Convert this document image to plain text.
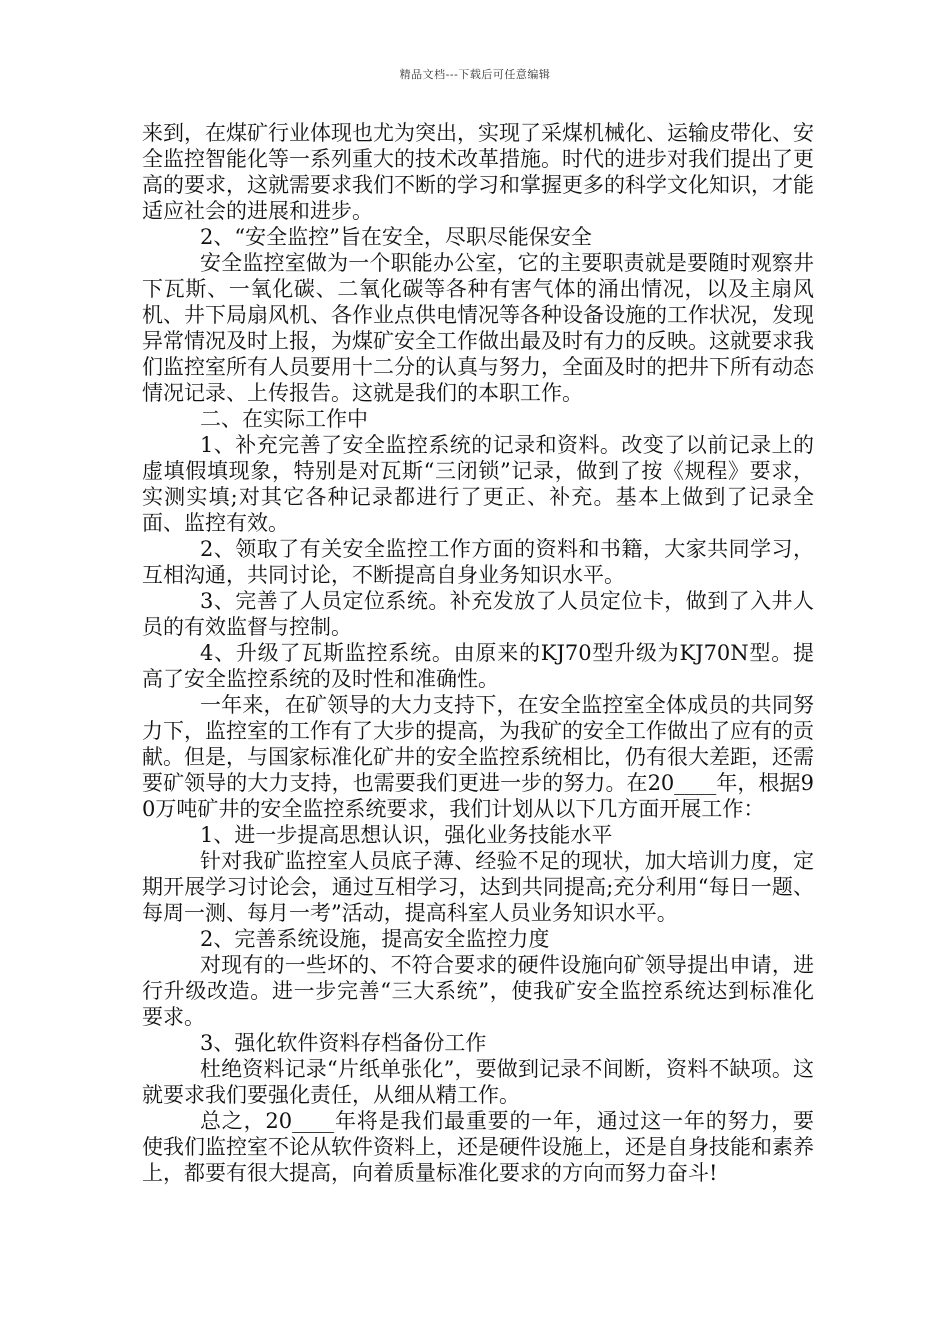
精品文档---下载后可任意编辑

来到，在煤矿行业体现也尤为突出，实现了采煤机械化、运输皮带化、安全监控智能化等一系列重大的技术改革措施。时代的进步对我们提出了更高的要求，这就需要求我们不断的学习和掌握更多的科学文化知识，才能适应社会的进展和进步。

2、“安全监控”旨在安全，尽职尽能保安全

安全监控室做为一个职能办公室，它的主要职责就是要随时观察井下瓦斯、一氧化碳、二氧化碳等各种有害气体的涌出情况，以及主扇风机、井下局扇风机、各作业点供电情况等各种设备设施的工作状况，发现异常情况及时上报，为煤矿安全工作做出最及时有力的反映。这就要求我们监控室所有人员要用十二分的认真与努力，全面及时的把井下所有动态情况记录、上传报告。这就是我们的本职工作。

二、在实际工作中

1、补充完善了安全监控系统的记录和资料。改变了以前记录上的虚填假填现象，特别是对瓦斯“三闭锁”记录，做到了按《规程》要求，实测实填;对其它各种记录都进行了更正、补充。基本上做到了记录全面、监控有效。

2、领取了有关安全监控工作方面的资料和书籍，大家共同学习，互相沟通，共同讨论，不断提高自身业务知识水平。

3、完善了人员定位系统。补充发放了人员定位卡，做到了入井人员的有效监督与控制。

4、升级了瓦斯监控系统。由原来的KJ70型升级为KJ70N型。提高了安全监控系统的及时性和准确性。

一年来，在矿领导的大力支持下，在安全监控室全体成员的共同努力下，监控室的工作有了大步的提高，为我矿的安全工作做出了应有的贡献。但是，与国家标准化矿井的安全监控系统相比，仍有很大差距，还需要矿领导的大力支持，也需要我们更进一步的努力。在20____年，根据90万吨矿井的安全监控系统要求，我们计划从以下几方面开展工作：

1、进一步提高思想认识，强化业务技能水平

针对我矿监控室人员底子薄、经验不足的现状，加大培训力度，定期开展学习讨论会，通过互相学习，达到共同提高;充分利用“每日一题、每周一测、每月一考”活动，提高科室人员业务知识水平。

2、完善系统设施，提高安全监控力度

对现有的一些坏的、不符合要求的硬件设施向矿领导提出申请，进行升级改造。进一步完善“三大系统”，使我矿安全监控系统达到标准化要求。

3、强化软件资料存档备份工作

杜绝资料记录“片纸单张化”，要做到记录不间断，资料不缺项。这就要求我们要强化责任，从细从精工作。

总之，20____年将是我们最重要的一年，通过这一年的努力，要使我们监控室不论从软件资料上，还是硬件设施上，还是自身技能和素养上，都要有很大提高，向着质量标准化要求的方向而努力奋斗!
